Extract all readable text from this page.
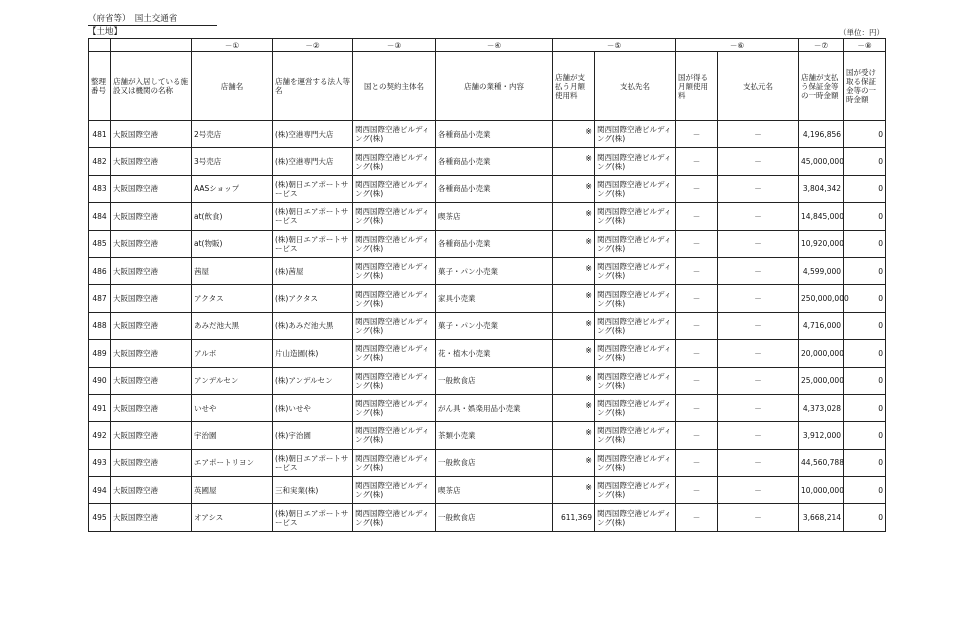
（府省等）　国土交通省
【土地】	（単位：円）
		－①	－②	－③	－④	－⑤		－⑥		－⑦	－⑧
整理番号	店舗が入居している施設又は機関の名称	店舗名	店舗を運営する法人等名	国との契約主体名	店舗の業種・内容	店舗が支払う月額使用料	支払先名	国が得る月額使用料	支払元名	店舗が支払う保証金等の一時金額	国が受け取る保証金等の一時金額
481	大阪国際空港	2号売店	(株)空港専門大店	関西国際空港ビルディング(株)	各種商品小売業	※	関西国際空港ビルディング(株)	－	－	4,196,856	0
482	大阪国際空港	3号売店	(株)空港専門大店	関西国際空港ビルディング(株)	各種商品小売業	※	関西国際空港ビルディング(株)	－	－	45,000,000	0
483	大阪国際空港	AASショップ	(株)朝日エアポートサービス	関西国際空港ビルディング(株)	各種商品小売業	※	関西国際空港ビルディング(株)	－	－	3,804,342	0
484	大阪国際空港	at(飲食)	(株)朝日エアポートサービス	関西国際空港ビルディング(株)	喫茶店	※	関西国際空港ビルディング(株)	－	－	14,845,000	0
485	大阪国際空港	at(物販)	(株)朝日エアポートサービス	関西国際空港ビルディング(株)	各種商品小売業	※	関西国際空港ビルディング(株)	－	－	10,920,000	0
486	大阪国際空港	茜屋	(株)茜屋	関西国際空港ビルディング(株)	菓子・パン小売業	※	関西国際空港ビルディング(株)	－	－	4,599,000	0
487	大阪国際空港	アクタス	(株)アクタス	関西国際空港ビルディング(株)	家具小売業	※	関西国際空港ビルディング(株)	－	－	250,000,000	0
488	大阪国際空港	あみだ池大黒	(株)あみだ池大黒	関西国際空港ビルディング(株)	菓子・パン小売業	※	関西国際空港ビルディング(株)	－	－	4,716,000	0
489	大阪国際空港	アルボ	片山造園(株)	関西国際空港ビルディング(株)	花・植木小売業	※	関西国際空港ビルディング(株)	－	－	20,000,000	0
490	大阪国際空港	アンデルセン	(株)アンデルセン	関西国際空港ビルディング(株)	一般飲食店	※	関西国際空港ビルディング(株)	－	－	25,000,000	0
491	大阪国際空港	いせや	(株)いせや	関西国際空港ビルディング(株)	がん具・娯楽用品小売業	※	関西国際空港ビルディング(株)	－	－	4,373,028	0
492	大阪国際空港	宇治園	(株)宇治園	関西国際空港ビルディング(株)	茶類小売業	※	関西国際空港ビルディング(株)	－	－	3,912,000	0
493	大阪国際空港	エアポートリヨン	(株)朝日エアポートサービス	関西国際空港ビルディング(株)	一般飲食店	※	関西国際空港ビルディング(株)	－	－	44,560,788	0
494	大阪国際空港	英國屋	三和実業(株)	関西国際空港ビルディング(株)	喫茶店	※	関西国際空港ビルディング(株)	－	－	10,000,000	0
495	大阪国際空港	オアシス	(株)朝日エアポートサービス	関西国際空港ビルディング(株)	一般飲食店	611,369	関西国際空港ビルディング(株)	－	－	3,668,214	0
